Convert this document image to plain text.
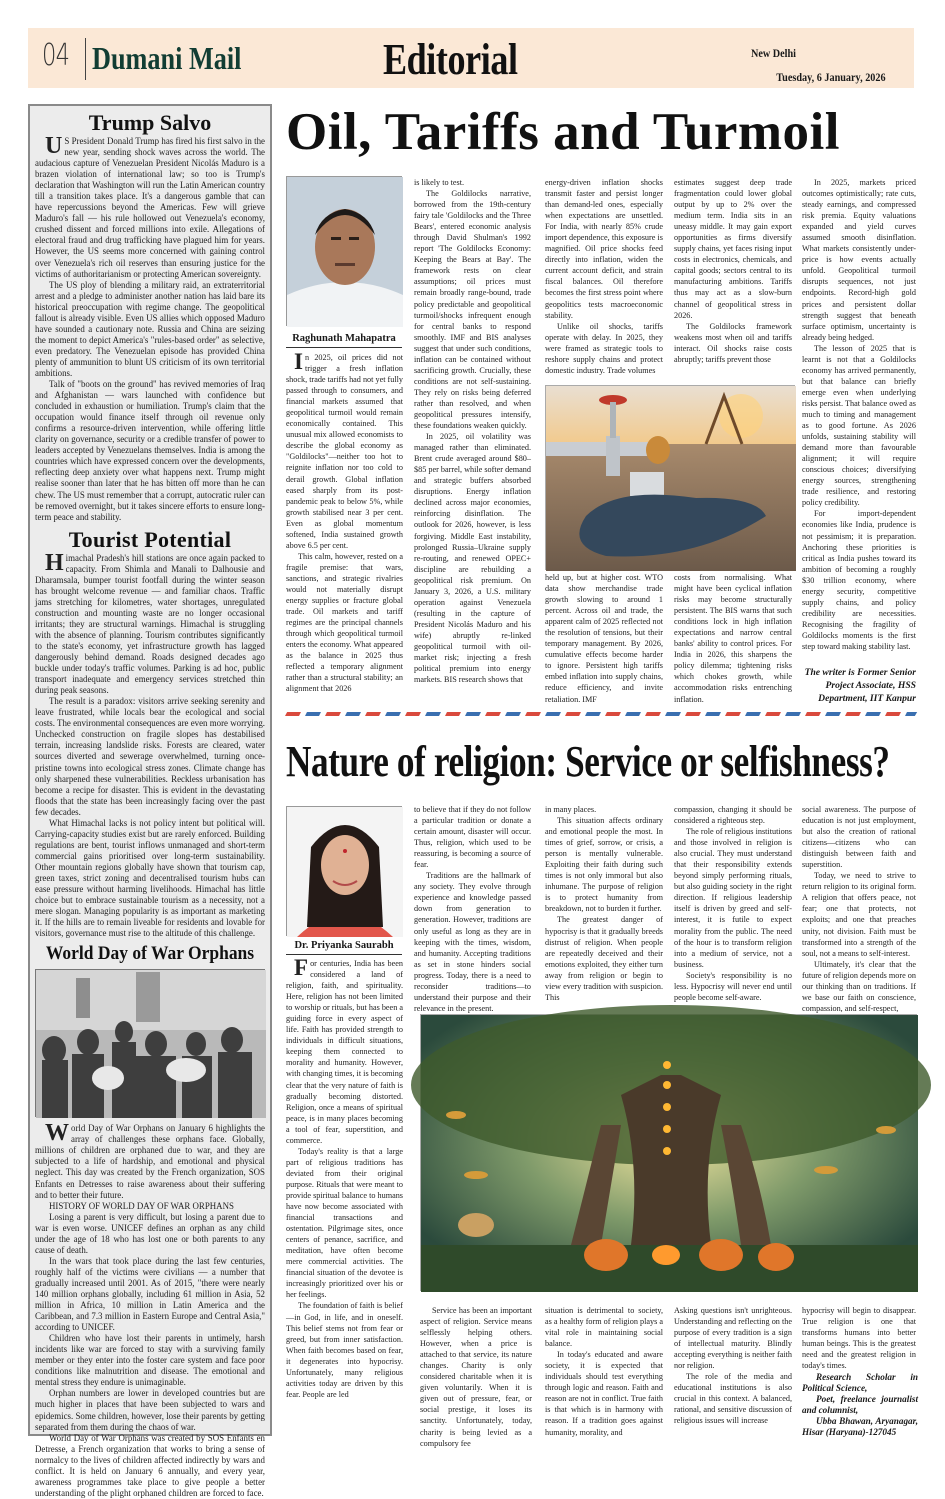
04 Dumani Mail	Editorial	New Delhi
Tuesday, 6 January, 2026
Trump Salvo

U S President Donald Trump has fired his first salvo in the new year, sending shock waves across the world. The audacious capture of Venezuelan President Nicolás Maduro is a brazen violation of international law; so too is Trump's declaration that Washington will run the Latin American country till a transition takes place. It's a dangerous gamble that can have repercussions beyond the Americas. Few will grieve Maduro's fall — his rule hollowed out Venezuela's economy, crushed dissent and forced millions into exile. Allegations of electoral fraud and drug trafficking have plagued him for years. However, the US seems more concerned with gaining control over Venezuela's rich oil reserves than ensuring justice for the victims of authoritarianism or protecting American sovereignty.

The US ploy of blending a military raid, an extraterritorial arrest and a pledge to administer another nation has laid bare its historical preoccupation with regime change. The geopolitical fallout is already visible. Even US allies which opposed Maduro have sounded a cautionary note. Russia and China are seizing the moment to depict America's "rules-based order" as selective, even predatory. The Venezuelan episode has provided China plenty of ammunition to blunt US criticism of its own territorial ambitions.

Talk of "boots on the ground" has revived memories of Iraq and Afghanistan — wars launched with confidence but concluded in exhaustion or humiliation. Trump's claim that the occupation would finance itself through oil revenue only confirms a resource-driven intervention, while offering little clarity on governance, security or a credible transfer of power to leaders accepted by Venezuelans themselves. India is among the countries which have expressed concern over the developments, reflecting deep anxiety over what happens next. Trump might realise sooner than later that he has bitten off more than he can chew. The US must remember that a corrupt, autocratic ruler can be removed overnight, but it takes sincere efforts to ensure long-term peace and stability.

Tourist Potential

Himachal Pradesh's hill stations are once again packed to capacity. From Shimla and Manali to Dalhousie and Dharamsala, bumper tourist footfall during the winter season has brought welcome revenue — and familiar chaos. Traffic jams stretching for kilometres, water shortages, unregulated construction and mounting waste are no longer occasional irritants; they are structural warnings. Himachal is struggling with the absence of planning. Tourism contributes significantly to the state's economy, yet infrastructure growth has lagged dangerously behind demand. Roads designed decades ago buckle under today's traffic volumes. Parking is ad hoc, public transport inadequate and emergency services stretched thin during peak seasons.

The result is a paradox: visitors arrive seeking serenity and leave frustrated, while locals bear the ecological and social costs. The environmental consequences are even more worrying. Unchecked construction on fragile slopes has destabilised terrain, increasing landslide risks. Forests are cleared, water sources diverted and sewerage overwhelmed, turning once-pristine towns into ecological stress zones. Climate change has only sharpened these vulnerabilities. Reckless urbanisation has become a recipe for disaster. This is evident in the devastating floods that the state has been increasingly facing over the past few decades.

What Himachal lacks is not policy intent but political will. Carrying-capacity studies exist but are rarely enforced. Building regulations are bent, tourist inflows unmanaged and short-term commercial gains prioritised over long-term sustainability. Other mountain regions globally have shown that tourism cap, green taxes, strict zoning and decentralised tourism hubs can ease pressure without harming livelihoods. Himachal has little choice but to embrace sustainable tourism as a necessity, not a mere slogan. Managing popularity is as important as marketing it. If the hills are to remain liveable for residents and lovable for visitors, governance must rise to the altitude of this challenge.

World Day of War Orphans

World Day of War Orphans on January 6 highlights the array of challenges these orphans face. Globally, millions of children are orphaned due to war, and they are subjected to a life of hardship, and emotional and physical neglect. This day was created by the French organization, SOS Enfants en Detresses to raise awareness about their suffering and to better their future.

HISTORY OF WORLD DAY OF WAR ORPHANS

Losing a parent is very difficult, but losing a parent due to war is even worse. UNICEF defines an orphan as any child under the age of 18 who has lost one or both parents to any cause of death.

In the wars that took place during the last few centuries, roughly half of the victims were civilians — a number that gradually increased until 2001. As of 2015, "there were nearly 140 million orphans globally, including 61 million in Asia, 52 million in Africa, 10 million in Latin America and the Caribbean, and 7.3 million in Eastern Europe and Central Asia," according to UNICEF.

Children who have lost their parents in untimely, harsh incidents like war are forced to stay with a surviving family member or they enter into the foster care system and face poor conditions like malnutrition and disease. The emotional and mental stress they endure is unimaginable.

Orphan numbers are lower in developed countries but are much higher in places that have been subjected to wars and epidemics. Some children, however, lose their parents by getting separated from them during the chaos of war.

World Day of War Orphans was created by SOS Enfants en Detresse, a French organization that works to bring a sense of normalcy to the lives of children affected indirectly by wars and conflict. It is held on January 6 annually, and every year, awareness programmes take place to give people a better understanding of the plight orphaned children are forced to face.

Oil, Tariffs and Turmoil
Raghunath Mahapatra

In 2025, oil prices did not trigger a fresh inflation shock, trade tariffs had not yet fully passed through to consumers, and financial markets assumed that geopolitical turmoil would remain economically contained. This unusual mix allowed economists to describe the global economy as "Goldilocks"—neither too hot to reignite inflation nor too cold to derail growth. Global inflation eased sharply from its post-pandemic peak to below 5%, while growth stabilised near 3 per cent. Even as global momentum softened, India sustained growth above 6.5 per cent.

This calm, however, rested on a fragile premise: that wars, sanctions, and strategic rivalries would not materially disrupt energy supplies or fracture global trade. Oil markets and tariff regimes are the principal channels through which geopolitical turmoil enters the economy. What appeared as the balance in 2025 thus reflected a temporary alignment rather than a structural stability; an alignment that 2026

is likely to test.

The Goldilocks narrative, borrowed from the 19th-century fairy tale 'Goldilocks and the Three Bears', entered economic analysis through David Shulman's 1992 report 'The Goldilocks Economy: Keeping the Bears at Bay'. The framework rests on clear assumptions; oil prices must remain broadly range-bound, trade policy predictable and geopolitical turmoil/shocks infrequent enough for central banks to respond smoothly. IMF and BIS analyses suggest that under such conditions, inflation can be contained without sacrificing growth. Crucially, these conditions are not self-sustaining. They rely on risks being deferred rather than resolved, and when geopolitical pressures intensify, these foundations weaken quickly.

In 2025, oil volatility was managed rather than eliminated. Brent crude averaged around $80–$85 per barrel, while softer demand and strategic buffers absorbed disruptions. Energy inflation declined across major economies, reinforcing disinflation. The outlook for 2026, however, is less forgiving. Middle East instability, prolonged Russia–Ukraine supply re-routing, and renewed OPEC+ discipline are rebuilding a geopolitical risk premium. On January 3, 2026, a U.S. military operation against Venezuela (resulting in the capture of President Nicolás Maduro and his wife) abruptly re-linked geopolitical turmoil with oil-market risk; injecting a fresh political premium into energy markets. BIS research shows that

energy-driven inflation shocks transmit faster and persist longer than demand-led ones, especially when expectations are unsettled. For India, with nearly 85% crude import dependence, this exposure is magnified. Oil price shocks feed directly into inflation, widen the current account deficit, and strain fiscal balances. Oil therefore becomes the first stress point where geopolitics tests macroeconomic stability.

Unlike oil shocks, tariffs operate with delay. In 2025, they were framed as strategic tools to reshore supply chains and protect domestic industry. Trade volumes

estimates suggest deep trade fragmentation could lower global output by up to 2% over the medium term. India sits in an uneasy middle. It may gain export opportunities as firms diversify supply chains, yet faces rising input costs in electronics, chemicals, and capital goods; sectors central to its manufacturing ambitions. Tariffs thus may act as a slow-burn channel of geopolitical stress in 2026.

The Goldilocks framework weakens most when oil and tariffs interact. Oil shocks raise costs abruptly; tariffs prevent those

held up, but at higher cost. WTO data show merchandise trade growth slowing to around 1 percent. Across oil and trade, the apparent calm of 2025 reflected not the resolution of tensions, but their temporary management. By 2026, cumulative effects become harder to ignore. Persistent high tariffs embed inflation into supply chains, reduce efficiency, and invite retaliation. IMF

costs from normalising. What might have been cyclical inflation risks may become structurally persistent. The BIS warns that such conditions lock in high inflation expectations and narrow central banks' ability to control prices. For India in 2026, this sharpens the policy dilemma; tightening risks which chokes growth, while accommodation risks entrenching inflation.

In 2025, markets priced outcomes optimistically; rate cuts, steady earnings, and compressed risk premia. Equity valuations expanded and yield curves assumed smooth disinflation. What markets consistently under-price is how events actually unfold. Geopolitical turmoil disrupts sequences, not just endpoints. Record-high gold prices and persistent dollar strength suggest that beneath surface optimism, uncertainty is already being hedged.

The lesson of 2025 that is learnt is not that a Goldilocks economy has arrived permanently, but that balance can briefly emerge even when underlying risks persist. That balance owed as much to timing and management as to good fortune. As 2026 unfolds, sustaining stability will demand more than favourable alignment; it will require conscious choices; diversifying energy sources, strengthening trade resilience, and restoring policy credibility.

For import-dependent economies like India, prudence is not pessimism; it is preparation. Anchoring these priorities is critical as India pushes toward its ambition of becoming a roughly $30 trillion economy, where energy security, competitive supply chains, and policy credibility are necessities. Recognising the fragility of Goldilocks moments is the first step toward making stability last.

The writer is Former Senior
Project Associate, HSS
Department, IIT Kanpur
Nature of religion: Service or selfishness?
Dr. Priyanka Saurabh

For centuries, India has been considered a land of religion, faith, and spirituality. Here, religion has not been limited to worship or rituals, but has been a guiding force in every aspect of life. Faith has provided strength to individuals in difficult situations, keeping them connected to morality and humanity. However, with changing times, it is becoming clear that the very nature of faith is gradually becoming distorted. Religion, once a means of spiritual peace, is in many places becoming a tool of fear, superstition, and commerce.

Today's reality is that a large part of religious traditions has deviated from their original purpose. Rituals that were meant to provide spiritual balance to humans have now become associated with financial transactions and ostentation. Pilgrimage sites, once centers of penance, sacrifice, and meditation, have often become mere commercial activities. The financial situation of the devotee is increasingly prioritized over his or her feelings.

The foundation of faith is belief—in God, in life, and in oneself. This belief stems not from fear or greed, but from inner satisfaction. When faith becomes based on fear, it degenerates into hypocrisy. Unfortunately, many religious activities today are driven by this fear. People are led

to believe that if they do not follow a particular tradition or donate a certain amount, disaster will occur. Thus, religion, which used to be reassuring, is becoming a source of fear.

Traditions are the hallmark of any society. They evolve through experience and knowledge passed down from generation to generation. However, traditions are only useful as long as they are in keeping with the times, wisdom, and humanity. Accepting traditions as set in stone hinders social progress. Today, there is a need to reconsider traditions—to understand their purpose and their relevance in the present.

in many places.

This situation affects ordinary and emotional people the most. In times of grief, sorrow, or crisis, a person is mentally vulnerable. Exploiting their faith during such times is not only immoral but also inhumane. The purpose of religion is to protect humanity from breakdown, not to burden it further.

The greatest danger of hypocrisy is that it gradually breeds distrust of religion. When people are repeatedly deceived and their emotions exploited, they either turn away from religion or begin to view every tradition with suspicion. This

compassion, changing it should be considered a righteous step.

The role of religious institutions and those involved in religion is also crucial. They must understand that their responsibility extends beyond simply performing rituals, but also guiding society in the right direction. If religious leadership itself is driven by greed and self-interest, it is futile to expect morality from the public. The need of the hour is to transform religion into a medium of service, not a business.

Society's responsibility is no less. Hypocrisy will never end until people become self-aware.

social awareness. The purpose of education is not just employment, but also the creation of rational citizens—citizens who can distinguish between faith and superstition.

Today, we need to strive to return religion to its original form. A religion that offers peace, not fear; one that protects, not exploits; and one that preaches unity, not division. Faith must be transformed into a strength of the soul, not a means to self-interest.

Ultimately, it's clear that the future of religion depends more on our thinking than on traditions. If we base our faith on conscience, compassion, and self-respect,

Service has been an important aspect of religion. Service means selflessly helping others. However, when a price is attached to that service, its nature changes. Charity is only considered charitable when it is given voluntarily. When it is given out of pressure, fear, or social prestige, it loses its sanctity. Unfortunately, today, charity is being levied as a compulsory fee

situation is detrimental to society, as a healthy form of religion plays a vital role in maintaining social balance.

In today's educated and aware society, it is expected that individuals should test everything through logic and reason. Faith and reason are not in conflict. True faith is that which is in harmony with reason. If a tradition goes against humanity, morality, and

Asking questions isn't unrighteous. Understanding and reflecting on the purpose of every tradition is a sign of intellectual maturity. Blindly accepting everything is neither faith nor religion.

The role of the media and educational institutions is also crucial in this context. A balanced, rational, and sensitive discussion of religious issues will increase

hypocrisy will begin to disappear. True religion is one that transforms humans into better human beings. This is the greatest need and the greatest religion in today's times.

Research Scholar in Political Science,

Poet, freelance journalist and columnist,

Ubba Bhawan, Aryanagar, Hisar (Haryana)-127045
